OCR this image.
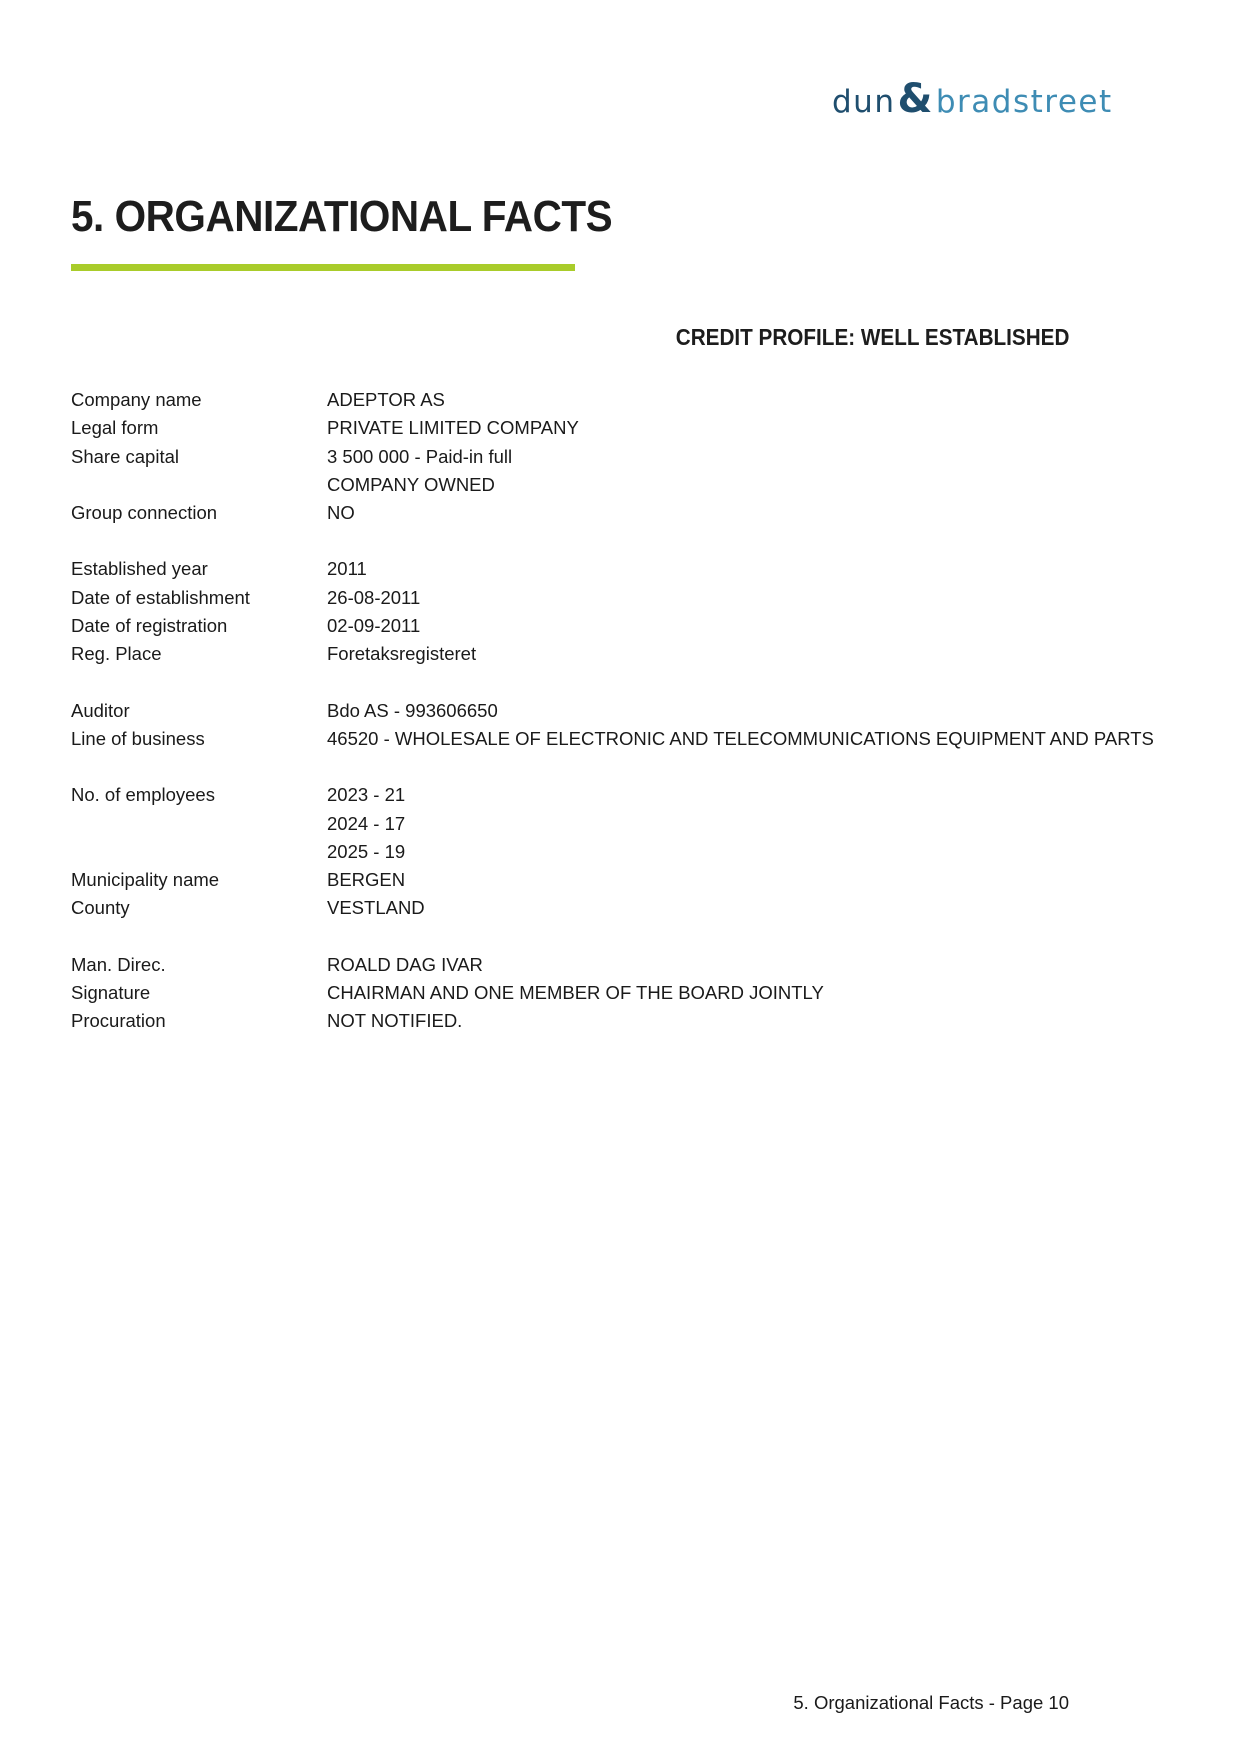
dun & bradstreet
5. ORGANIZATIONAL FACTS
CREDIT PROFILE: WELL ESTABLISHED
Company name	ADEPTOR AS
Legal form	PRIVATE LIMITED COMPANY
Share capital	3 500 000 - Paid-in full
COMPANY OWNED
Group connection	NO
Established year	2011
Date of establishment	26-08-2011
Date of registration	02-09-2011
Reg. Place	Foretaksregisteret
Auditor	Bdo AS - 993606650
Line of business	46520 - WHOLESALE OF ELECTRONIC AND TELECOMMUNICATIONS EQUIPMENT AND PARTS
No. of employees	2023 - 21
2024 - 17
2025 - 19
Municipality name	BERGEN
County	VESTLAND
Man. Direc.	ROALD DAG IVAR
Signature	CHAIRMAN AND ONE MEMBER OF THE BOARD JOINTLY
Procuration	NOT NOTIFIED.
5. Organizational Facts - Page 10
